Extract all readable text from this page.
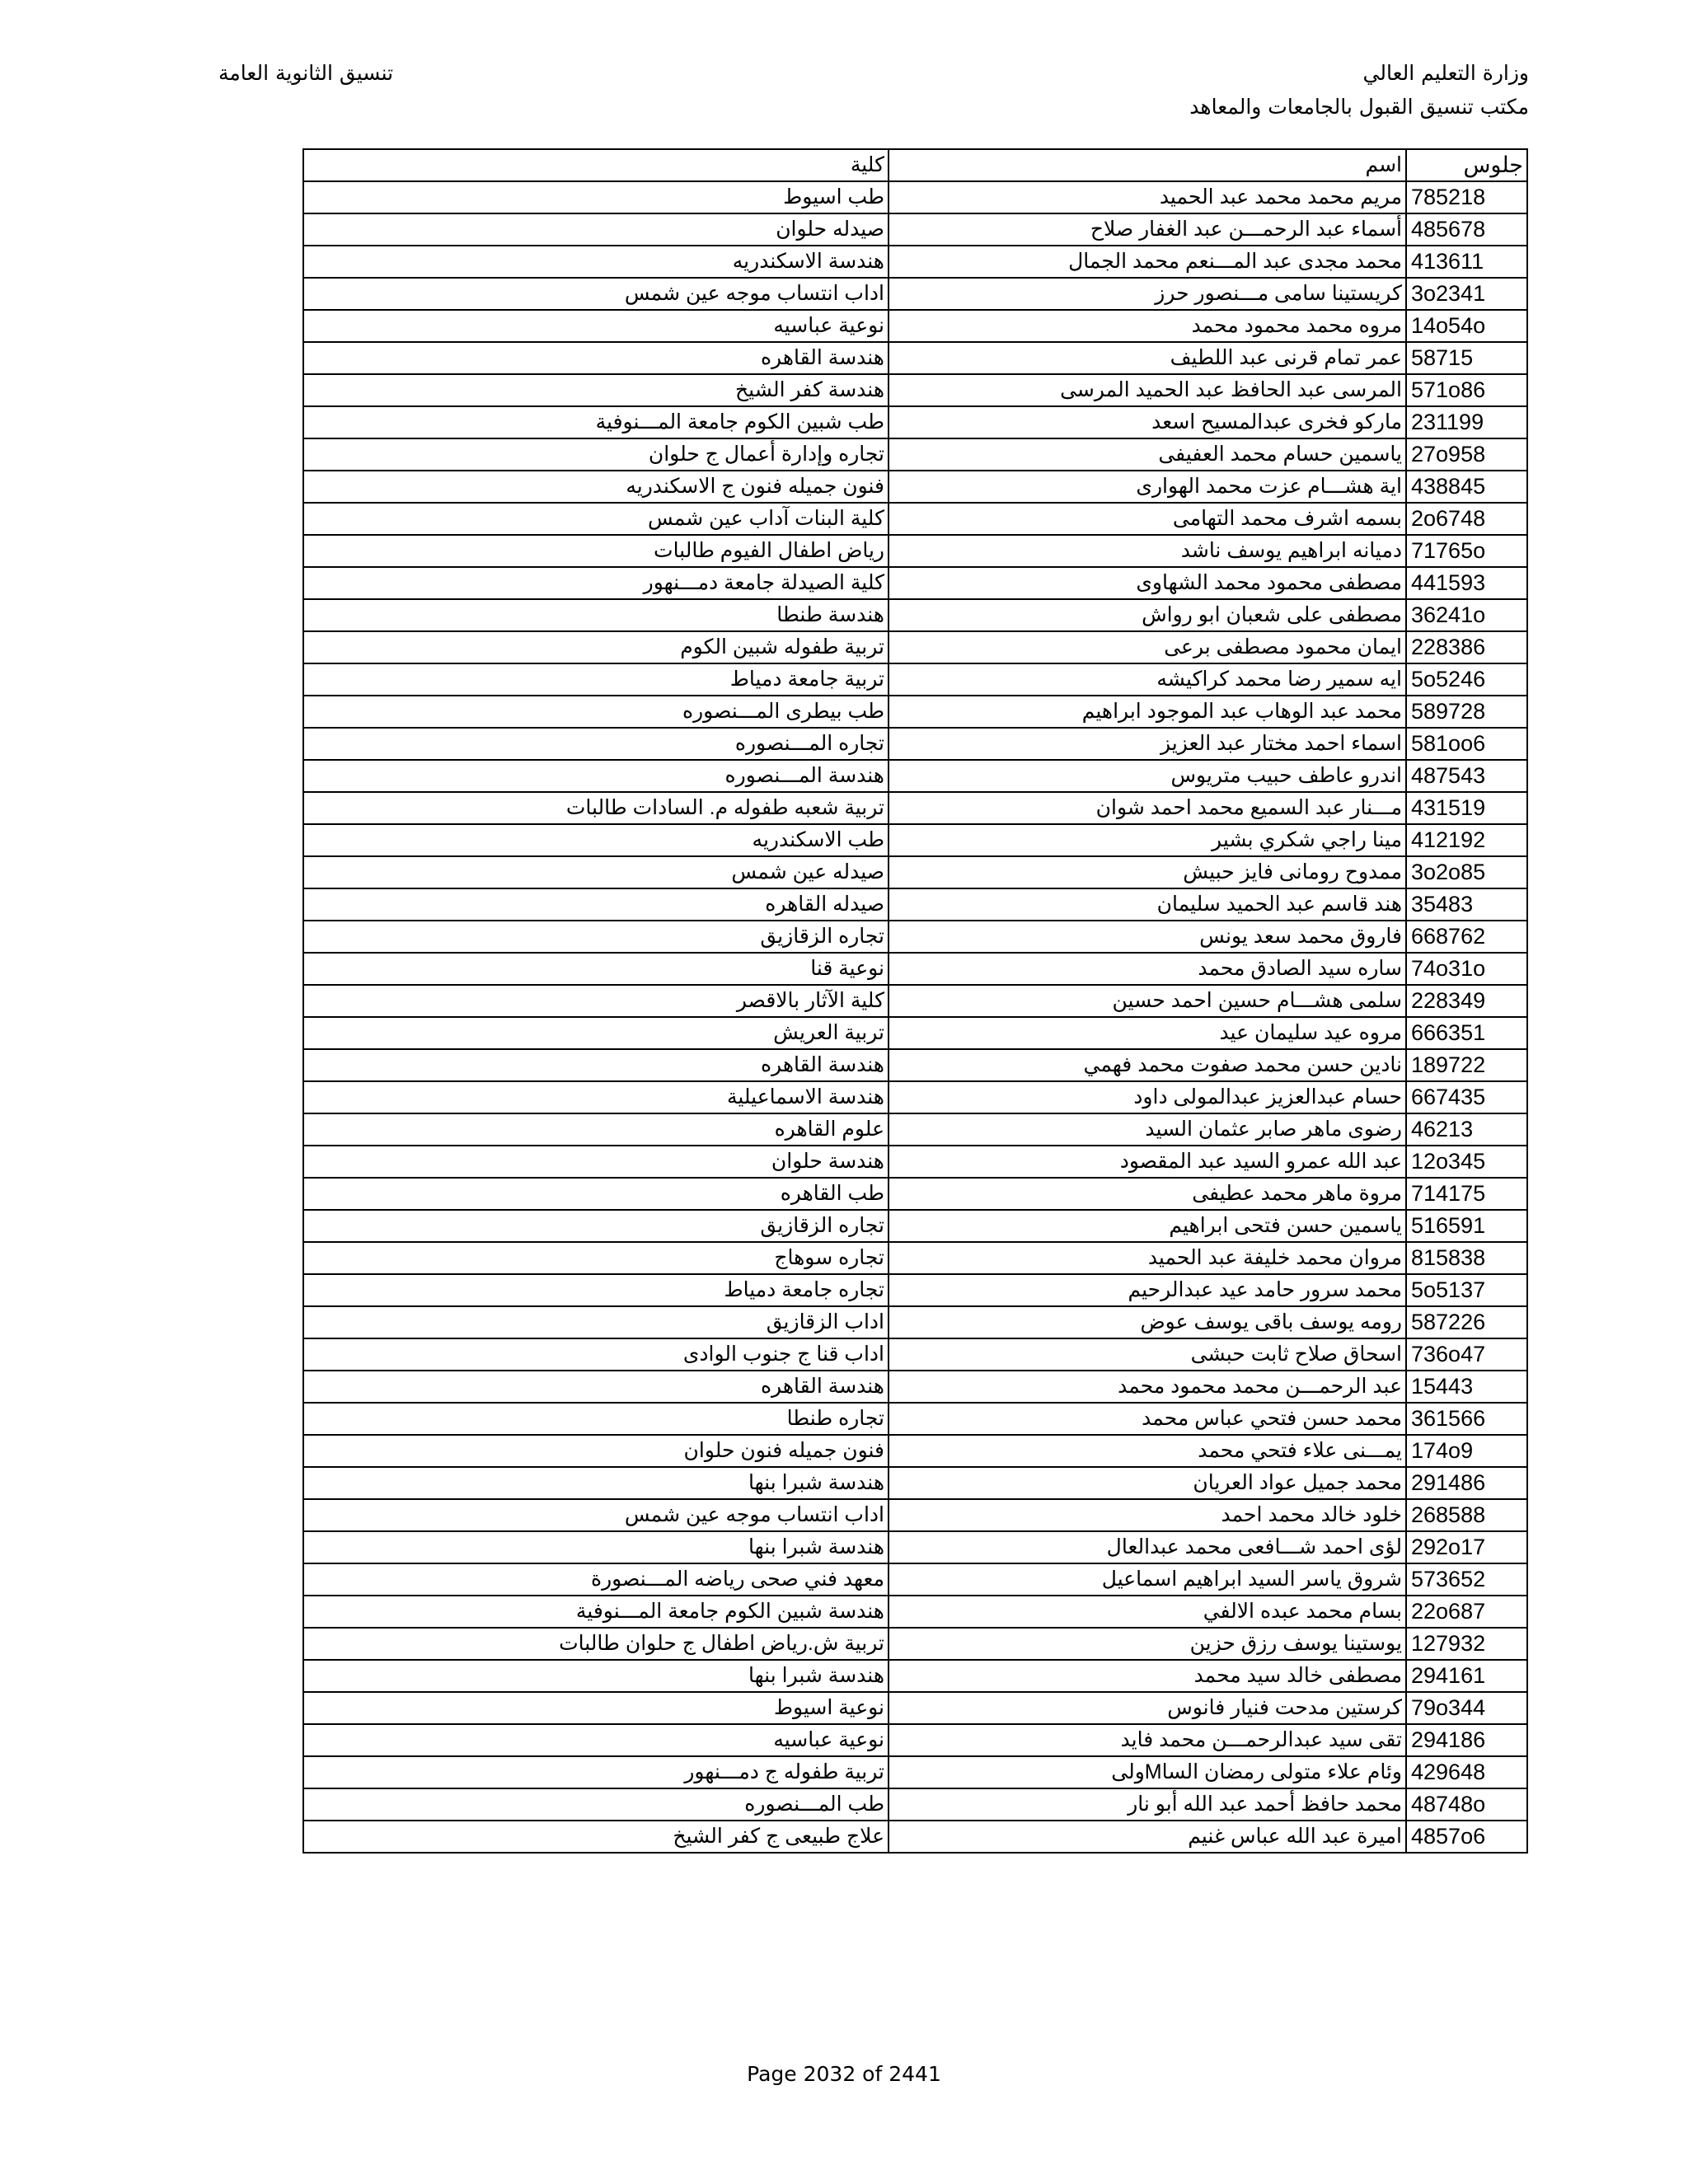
وزارة التعليم العالي
مكتب تنسيق القبول بالجامعات والمعاهد
تنسيق الثانوية العامة
جلوس	اسم	كلية
785218	مريم محمد محمد عبد الحميد	طب اسيوط
485678	أسماء عبد الرحمـــن عبد الغفار صلاح	صيدله حلوان
413611	محمد مجدى عبد المـــنعم محمد الجمال	هندسة الاسكندريه
3o2341	كريستينا سامى مـــنصور حرز	اداب انتساب موجه عين شمس
14o54o	مروه محمد محمود محمد	نوعية عباسيه
58715	عمر تمام قرنى عبد اللطيف	هندسة القاهره
571o86	المرسى عبد الحافظ عبد الحميد المرسى	هندسة كفر الشيخ
231199	ماركو فخرى عبدالمسيح اسعد	طب شبين الكوم جامعة المـــنوفية
27o958	ياسمين حسام محمد العفيفى	تجاره وإدارة أعمال ج حلوان
438845	اية هشـــام عزت محمد الهوارى	فنون جميله فنون ج الاسكندريه
2o6748	بسمه اشرف محمد التهامى	كلية البنات آداب عين شمس
71765o	دميانه ابراهيم يوسف ناشد	رياض اطفال الفيوم طالبات
441593	مصطفى محمود محمد الشهاوى	كلية الصيدلة جامعة دمـــنهور
36241o	مصطفى على شعبان ابو رواش	هندسة طنطا
228386	ايمان محمود مصطفى برعى	تربية طفوله شبين الكوم
5o5246	ايه سمير رضا محمد كراكيشه	تربية جامعة دمياط
589728	محمد عبد الوهاب عبد الموجود ابراهيم	طب بيطرى المـــنصوره
581oo6	اسماء احمد مختار عبد العزيز	تجاره المـــنصوره
487543	اندرو عاطف حبيب متريوس	هندسة المـــنصوره
431519	مـــنار عبد السميع محمد احمد شوان	تربية شعبه طفوله م. السادات طالبات
412192	مينا راجي شكري بشير	طب الاسكندريه
3o2o85	ممدوح رومانى فايز حبيش	صيدله عين شمس
35483	هند قاسم عبد الحميد سليمان	صيدله القاهره
668762	فاروق محمد سعد يونس	تجاره الزقازيق
74o31o	ساره سيد الصادق محمد	نوعية قنا
228349	سلمى هشـــام حسين احمد حسين	كلية الآثار بالاقصر
666351	مروه عيد سليمان عيد	تربية العريش
189722	نادين حسن محمد صفوت محمد فهمي	هندسة القاهره
667435	حسام عبدالعزيز عبدالمولى داود	هندسة الاسماعيلية
46213	رضوى ماهر صابر عثمان السيد	علوم القاهره
12o345	عبد الله عمرو السيد عبد المقصود	هندسة حلوان
714175	مروة ماهر محمد عطيفى	طب القاهره
516591	ياسمين حسن فتحى ابراهيم	تجاره الزقازيق
815838	مروان محمد خليفة عبد الحميد	تجاره سوهاج
5o5137	محمد سرور حامد عيد عبدالرحيم	تجاره جامعة دمياط
587226	رومه يوسف باقى يوسف عوض	اداب الزقازيق
736o47	اسحاق صلاح ثابت حبشى	اداب قنا ج جنوب الوادى
15443	عبد الرحمـــن محمد محمود محمد	هندسة القاهره
361566	محمد حسن فتحي عباس محمد	تجاره طنطا
174o9	يمـــنى علاء فتحي محمد	فنون جميله فنون حلوان
291486	محمد جميل عواد العريان	هندسة شبرا بنها
268588	خلود خالد محمد احمد	اداب انتساب موجه عين شمس
292o17	لؤى احمد شـــافعى محمد عبدالعال	هندسة شبرا بنها
573652	شروق ياسر السيد ابراهيم اسماعيل	معهد فني صحى رياضه المـــنصورة
22o687	بسام محمد عبده الالفي	هندسة شبين الكوم جامعة المـــنوفية
127932	يوستينا يوسف رزق حزين	تربية ش.رياض اطفال ج حلوان طالبات
294161	مصطفى خالد سيد محمد	هندسة شبرا بنها
79o344	كرستين مدحت فنيار فانوس	نوعية اسيوط
294186	تقى سيد عبدالرحمـــن محمد فايد	نوعية عباسيه
429648	وئام علاء متولى رمضان الساMولى	تربية طفوله ج دمـــنهور
48748o	محمد حافظ أحمد عبد الله أبو نار	طب المـــنصوره
4857o6	اميرة عبد الله عباس غنيم	علاج طبيعى ج كفر الشيخ
Page 2032 of 2441
